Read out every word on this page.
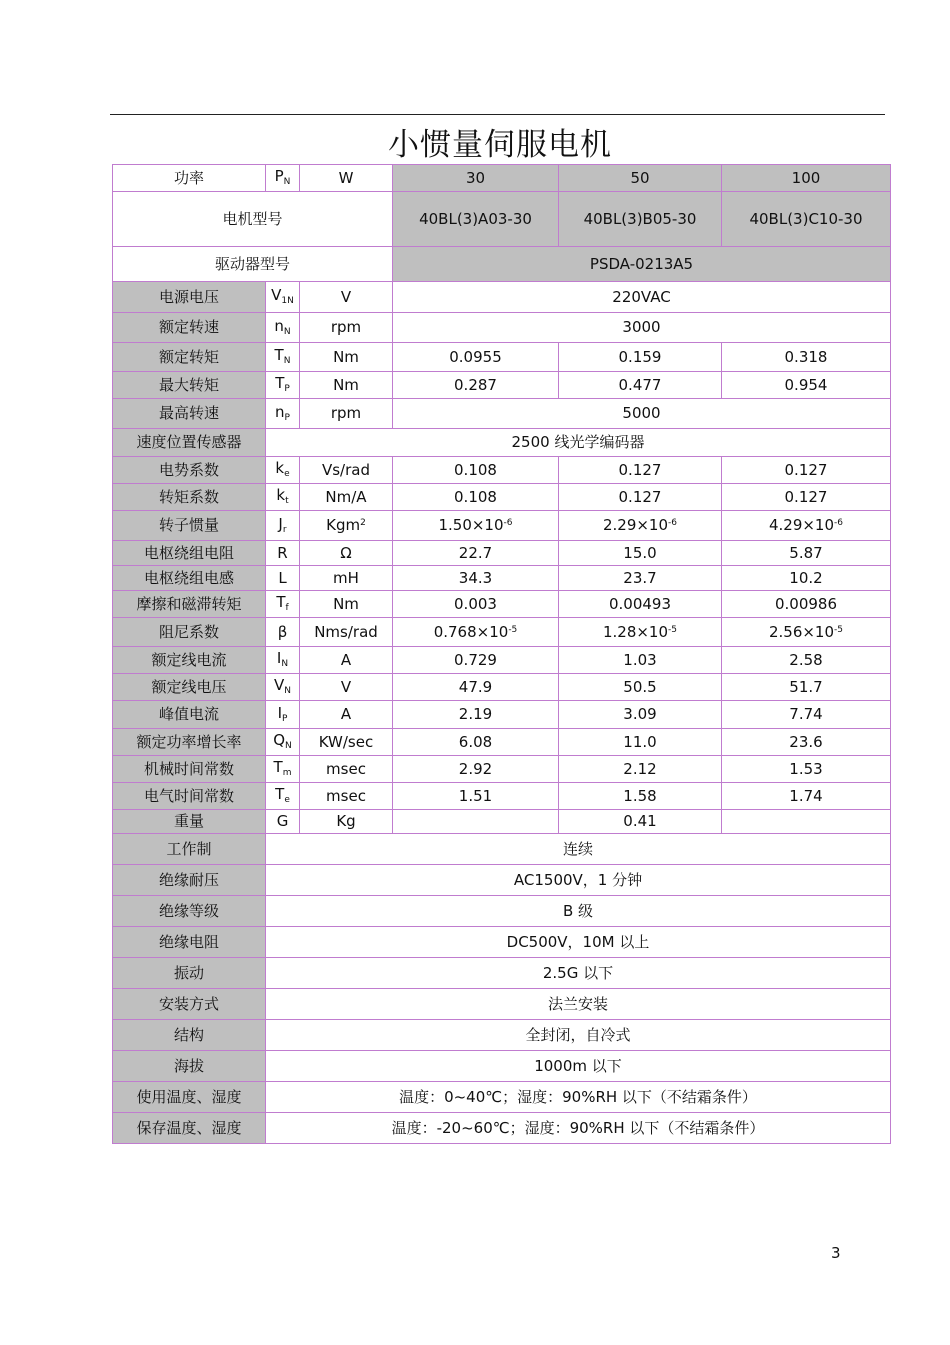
小惯量伺服电机
功率	$P_N$	W	30	50	100
电机型号			40BL(3)A03-30	40BL(3)B05-30	40BL(3)C10-30
驱动器型号			PSDA-0213A5		
电源电压	$V_{1N}$	V	220VAC		
额定转速	$n_N$	rpm	3000		
额定转矩	$T_N$	Nm	0.0955	0.159	0.318
最大转矩	$T_P$	Nm	0.287	0.477	0.954
最高转速	$n_P$	rpm	5000		
速度位置传感器	2500 线光学编码器				
电势系数	$k_e$	Vs/rad	0.108	0.127	0.127
转矩系数	$k_t$	Nm/A	0.108	0.127	0.127
转子惯量	$J_r$	Kgm$^2$	$1.50\times 10^{-6}$	$2.29\times 10^{-6}$	$4.29\times 10^{-6}$
电枢绕组电阻	R	Ω	22.7	15.0	5.87
电枢绕组电感	L	mH	34.3	23.7	10.2
摩擦和磁滞转矩	$T_f$	Nm	0.003	0.00493	0.00986
阻尼系数	β	Nms/rad	$0.768\times 10^{-5}$	$1.28\times 10^{-5}$	$2.56\times 10^{-5}$
额定线电流	$I_N$	A	0.729	1.03	2.58
额定线电压	$V_N$	V	47.9	50.5	51.7
峰值电流	$I_P$	A	2.19	3.09	7.74
额定功率增长率	$Q_N$	KW/sec	6.08	11.0	23.6
机械时间常数	$T_m$	msec	2.92	2.12	1.53
电气时间常数	$T_e$	msec	1.51	1.58	1.74
重量	G	Kg		0.41	
工作制	连续				
绝缘耐压	AC1500V，1 分钟				
绝缘等级	B 级				
绝缘电阻	DC500V，10M 以上				
振动	2.5G 以下				
安装方式	法兰安装				
结构	全封闭，自冷式				
海拔	1000m 以下				
使用温度、湿度	温度：0~40℃；湿度：90%RH 以下（不结霜条件）				
保存温度、湿度	温度：-20~60℃；湿度：90%RH 以下（不结霜条件）				
3
